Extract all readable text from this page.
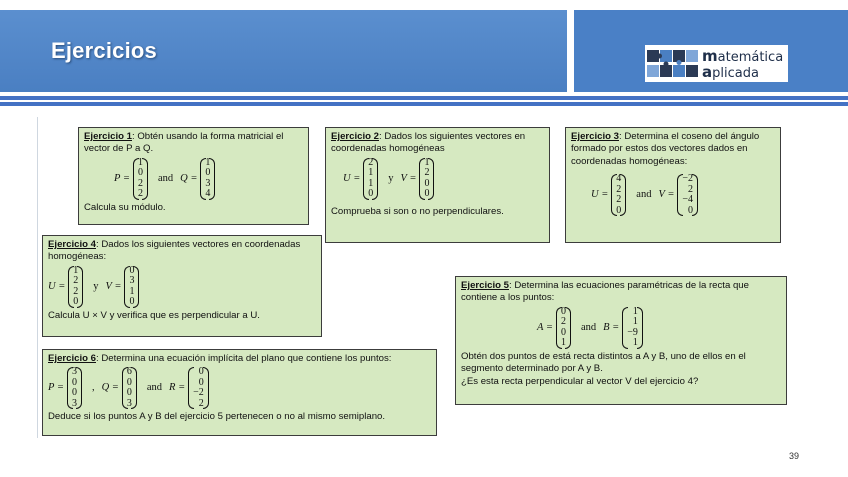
Ejercicios	matemática
aplicada
Ejercicio 1: Obtén usando la forma matricial el vector de P a Q.
P =
1
0
2
2
and Q =
1
0
3
4
Calcula su módulo.
Ejercicio 2: Dados los siguientes vectores en coordenadas homogéneas
U =
2
1
1
0
y V =
1
2
0
0
Comprueba si son o no perpendiculares.
Ejercicio 3: Determina el coseno del ángulo formado por estos dos vectores dados en coordenadas homogéneas:
U =
4
2
2
0
and V =
−2
2
−4
0
Ejercicio 4: Dados los siguientes vectores en coordenadas homogéneas:
U =
1
2
2
0
y V =
0
3
1
0
Calcula U × V y verifica que es perpendicular a U.
Ejercicio 5: Determina las ecuaciones paramétricas de la recta que contiene a los puntos:
A =
0
2
0
1
and B =
1
1
−9
1
Obtén dos puntos de está recta distintos a A y B, uno de ellos en el segmento determinado por A y B.
¿Es esta recta perpendicular al vector V del ejercicio 4?
Ejercicio 6: Determina una ecuación implícita del plano que contiene los puntos:
P =
3
0
0
3
, Q =
6
0
0
3
and R =
0
0
−2
2
Deduce si los puntos A y B del ejercicio 5 pertenecen o no al mismo semiplano.
39
